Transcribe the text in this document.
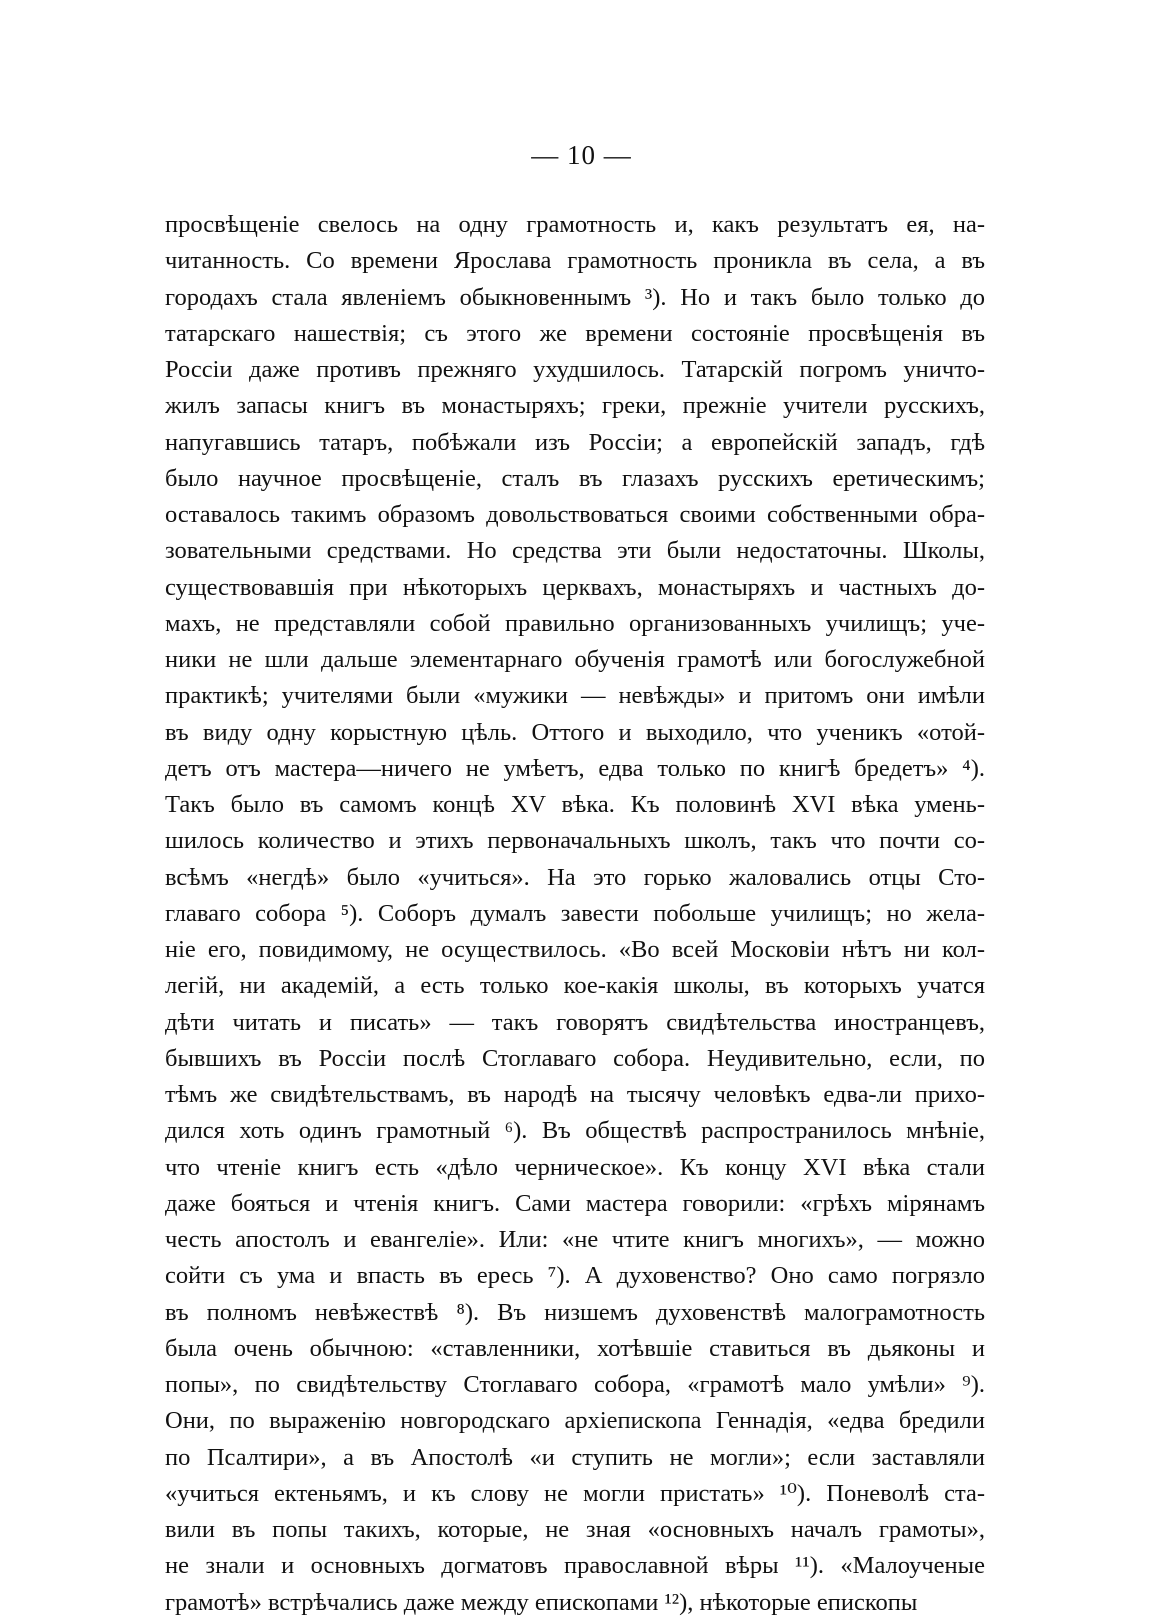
— 10 —
просвѣщеніе свелось на одну грамотность и, какъ результатъ ея, на-
читанность. Со времени Ярослава грамотность проникла въ села, а въ
городахъ стала явленіемъ обыкновеннымъ ³). Но и такъ было только до
татарскаго нашествія; съ этого же времени состояніе просвѣщенія въ
Россіи даже противъ прежняго ухудшилось. Татарскій погромъ уничто-
жилъ запасы книгъ въ монастыряхъ; греки, прежніе учители русскихъ,
напугавшись татаръ, побѣжали изъ Россіи; а европейскій западъ, гдѣ
было научное просвѣщеніе, сталъ въ глазахъ русскихъ еретическимъ;
оставалось такимъ образомъ довольствоваться своими собственными обра-
зовательными средствами. Но средства эти были недостаточны. Школы,
существовавшія при нѣкоторыхъ церквахъ, монастыряхъ и частныхъ до-
махъ, не представляли собой правильно организованныхъ училищъ; уче-
ники не шли дальше элементарнаго обученія грамотѣ или богослужебной
практикѣ; учителями были «мужики — невѣжды» и притомъ они имѣли
въ виду одну корыстную цѣль. Оттого и выходило, что ученикъ «отой-
детъ отъ мастера—ничего не умѣетъ, едва только по книгѣ бредетъ» ⁴).
Такъ было въ самомъ концѣ XV вѣка. Къ половинѣ XVI вѣка умень-
шилось количество и этихъ первоначальныхъ школъ, такъ что почти со-
всѣмъ «негдѣ» было «учиться». На это горько жаловались отцы Сто-
главаго собора ⁵). Соборъ думалъ завести побольше училищъ; но жела-
ніе его, повидимому, не осуществилось. «Во всей Московіи нѣтъ ни кол-
легій, ни академій, а есть только кое-какія школы, въ которыхъ учатся
дѣти читать и писать» — такъ говорятъ свидѣтельства иностранцевъ,
бывшихъ въ Россіи послѣ Стоглаваго собора. Неудивительно, если, по
тѣмъ же свидѣтельствамъ, въ народѣ на тысячу человѣкъ едва-ли прихо-
дился хоть одинъ грамотный ⁶). Въ обществѣ распространилось мнѣніе,
что чтеніе книгъ есть «дѣло черническое». Къ концу XVI вѣка стали
даже бояться и чтенія книгъ. Сами мастера говорили: «грѣхъ мірянамъ
честь апостолъ и евангеліе». Или: «не чтите книгъ многихъ», — можно
сойти съ ума и впасть въ ересь ⁷). А духовенство? Оно само погрязло
въ полномъ невѣжествѣ ⁸). Въ низшемъ духовенствѣ малограмотность
была очень обычною: «ставленники, хотѣвшіе ставиться въ дьяконы и
попы», по свидѣтельству Стоглаваго собора, «грамотѣ мало умѣли» ⁹).
Они, по выраженію новгородскаго архіепископа Геннадія, «едва бредили
по Псалтири», а въ Апостолѣ «и ступить не могли»; если заставляли
«учиться ектеньямъ, и къ слову не могли пристать» ¹⁰). Поневолѣ ста-
вили въ попы такихъ, которые, не зная «основныхъ началъ грамоты»,
не знали и основныхъ догматовъ православной вѣры ¹¹). «Малоученые
грамотѣ» встрѣчались даже между епископами ¹²), нѣкоторые епископы
